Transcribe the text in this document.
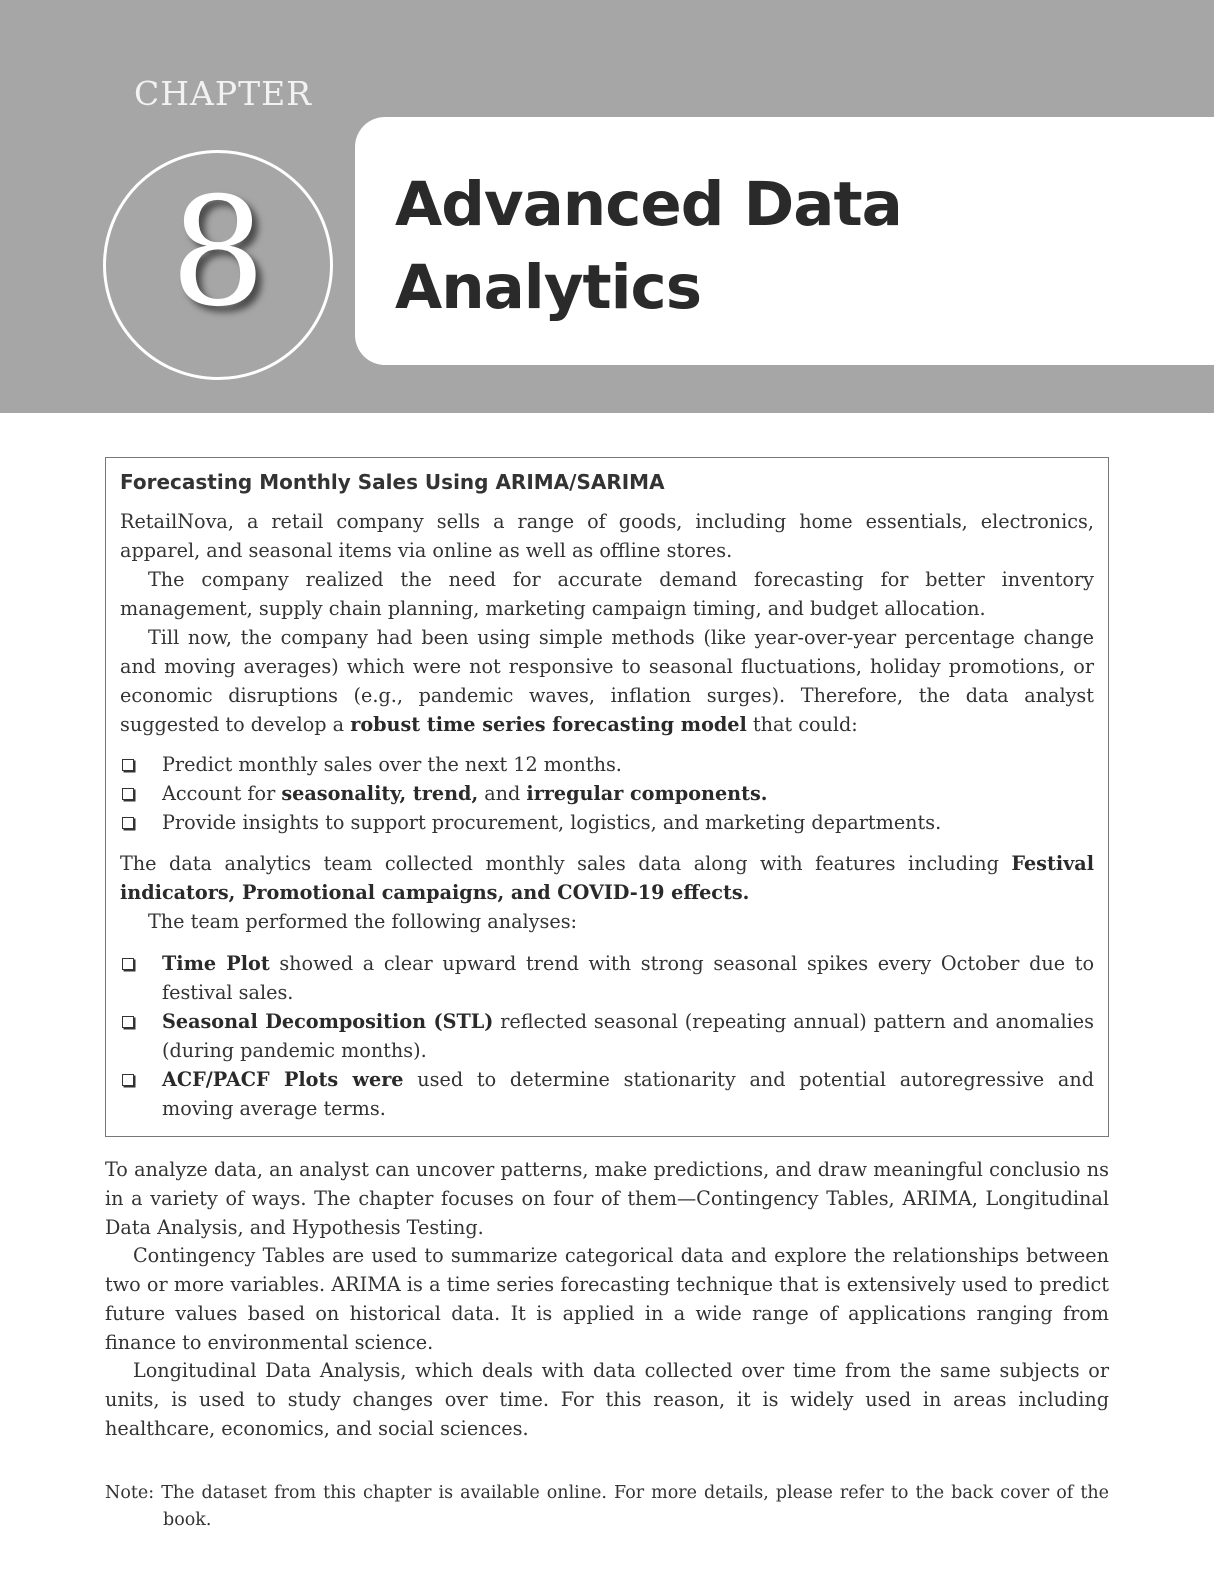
CHAPTER
8	Advanced Data
Analytics
Forecasting Monthly Sales Using ARIMA/SARIMA

RetailNova, a retail company sells a range of goods, including home essentials, electronics, apparel, and seasonal items via online as well as offline stores.

The company realized the need for accurate demand forecasting for better inventory management, supply chain planning, marketing campaign timing, and budget allocation.

Till now, the company had been using simple methods (like year-over-year percentage change and moving averages) which were not responsive to seasonal fluctuations, holiday promotions, or economic disruptions (e.g., pandemic waves, inflation surges). Therefore, the data analyst suggested to develop a robust time series forecasting model that could:

Predict monthly sales over the next 12 months.
Account for seasonality, trend, and irregular components.
Provide insights to support procurement, logistics, and marketing departments.

The data analytics team collected monthly sales data along with features including Festival indicators, Promotional campaigns, and COVID-19 effects.

The team performed the following analyses:

Time Plot showed a clear upward trend with strong seasonal spikes every October due to festival sales.
Seasonal Decomposition (STL) reflected seasonal (repeating annual) pattern and anomalies (during pandemic months).
ACF/PACF Plots were used to determine stationarity and potential autoregressive and moving average terms.

To analyze data, an analyst can uncover patterns, make predictions, and draw meaningful conclusio ns in a variety of ways. The chapter focuses on four of them—Contingency Tables, ARIMA, Longitudinal Data Analysis, and Hypothesis Testing.

Contingency Tables are used to summarize categorical data and explore the relationships between two or more variables. ARIMA is a time series forecasting technique that is extensively used to predict future values based on historical data. It is applied in a wide range of applications ranging from finance to environmental science.

Longitudinal Data Analysis, which deals with data collected over time from the same subjects or units, is used to study changes over time. For this reason, it is widely used in areas including healthcare, economics, and social sciences.

Note: The dataset from this chapter is available online. For more details, please refer to the back cover of the book.
